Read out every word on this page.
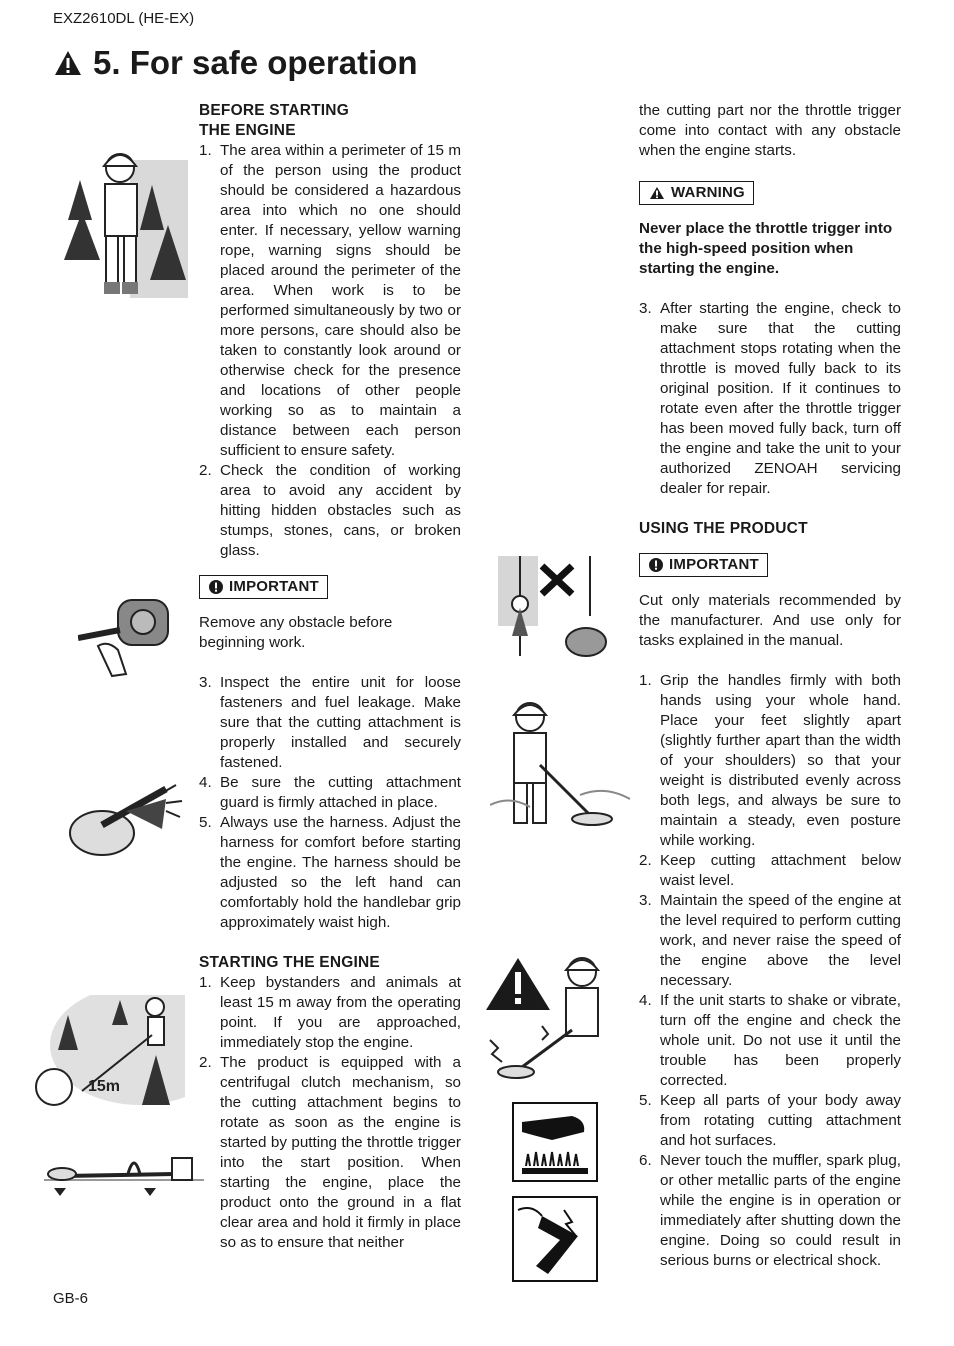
EXZ2610DL (HE-EX)
5. For safe operation
BEFORE STARTING
THE ENGINE
1. The area within a perimeter of 15 m of the person using the product should be considered a hazardous area into which no one should enter. If necessary, yellow warning rope, warning signs should be placed around the perimeter of the area. When work is to be performed simultaneously by two or more persons, care should also be taken to constantly look around or otherwise check for the presence and locations of other people working so as to maintain a distance between each person sufficient to ensure safety.
2. Check the condition of working area to avoid any accident by hitting hidden obstacles such as stumps, stones, cans, or broken glass.
IMPORTANT
Remove any obstacle before beginning work.
3. Inspect the entire unit for loose fasteners and fuel leakage. Make sure that the cutting attachment is properly installed and securely fastened.
4. Be sure the cutting attachment guard is firmly attached in place.
5. Always use the harness. Adjust the harness for comfort before starting the engine. The harness should be adjusted so the left hand can comfortably hold the handlebar grip approximately waist high.
STARTING THE ENGINE
1. Keep bystanders and animals at least 15 m away from the operating point. If you are approached, immediately stop the engine.
2. The product is equipped with a centrifugal clutch mechanism, so the cutting attachment begins to rotate as soon as the engine is started by putting the throttle trigger into the start position. When starting the engine, place the product onto the ground in a flat clear area and hold it firmly in place so as to ensure that neither
the cutting part nor the throttle trigger come into contact with any obstacle when the engine starts.
WARNING
Never place the throttle trigger into the high-speed position when starting the engine.
3. After starting the engine, check to make sure that the cutting attachment stops rotating when the throttle is moved fully back to its original position. If it continues to rotate even after the throttle trigger has been moved fully back, turn off the engine and take the unit to your authorized ZENOAH servicing dealer for repair.
USING THE PRODUCT
IMPORTANT
Cut only materials recommended by the manufacturer. And use only for tasks explained in the manual.
1. Grip the handles firmly with both hands using your whole hand. Place your feet slightly apart (slightly further apart than the width of your shoulders) so that your weight is distributed evenly across both legs, and always be sure to maintain a steady, even posture while working.
2. Keep cutting attachment below waist level.
3. Maintain the speed of the engine at the level required to perform cutting work, and never raise the speed of the engine above the level necessary.
4. If the unit starts to shake or vibrate, turn off the engine and check the whole unit. Do not use it until the trouble has been properly corrected.
5. Keep all parts of your body away from rotating cutting attachment and hot surfaces.
6. Never touch the muffler, spark plug, or other metallic parts of the engine while the engine is in operation or immediately after shutting down the engine. Doing so could result in serious burns or electrical shock.
15m
GB-6
